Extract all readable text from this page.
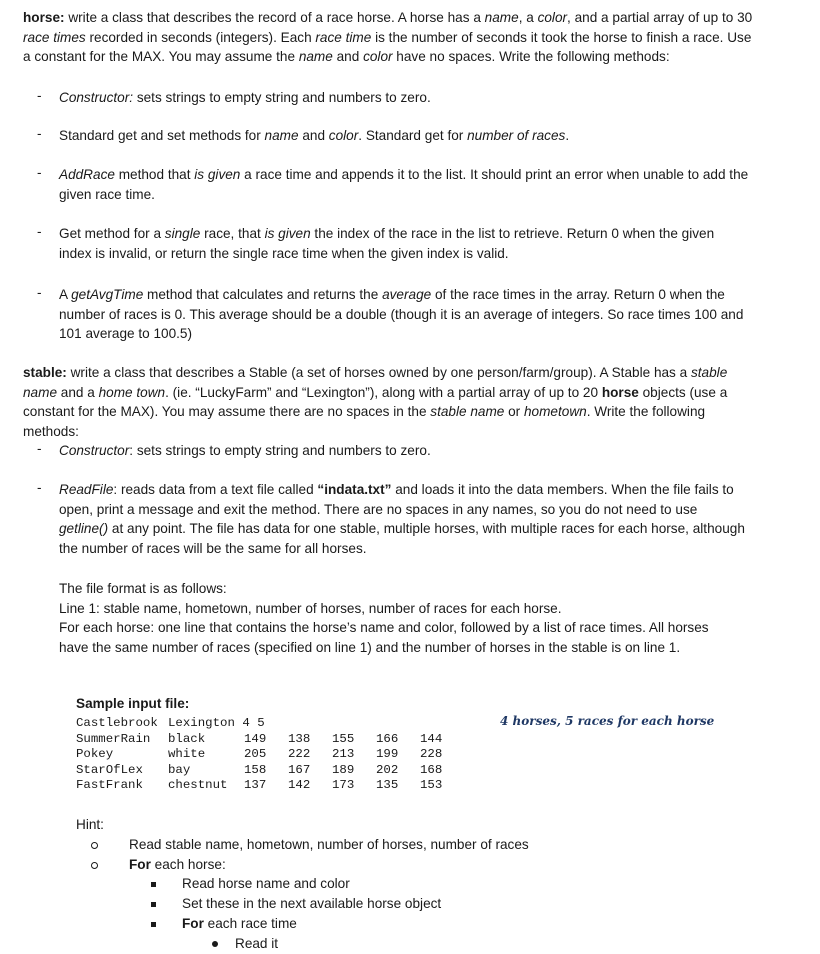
horse: write a class that describes the record of a race horse. A horse has a name, a color, and a partial array of up to 30 race times recorded in seconds (integers). Each race time is the number of seconds it took the horse to finish a race. Use a constant for the MAX. You may assume the name and color have no spaces. Write the following methods:

- Constructor: sets strings to empty string and numbers to zero.

- Standard get and set methods for name and color. Standard get for number of races.

- AddRace method that is given a race time and appends it to the list. It should print an error when unable to add the given race time.

- Get method for a single race, that is given the index of the race in the list to retrieve. Return 0 when the given index is invalid, or return the single race time when the given index is valid.

- A getAvgTime method that calculates and returns the average of the race times in the array. Return 0 when the number of races is 0. This average should be a double (though it is an average of integers. So race times 100 and 101 average to 100.5)

stable: write a class that describes a Stable (a set of horses owned by one person/farm/group). A Stable has a stable name and a home town. (ie. “LuckyFarm” and “Lexington”), along with a partial array of up to 20 horse objects (use a constant for the MAX). You may assume there are no spaces in the stable name or hometown. Write the following methods:

- Constructor: sets strings to empty string and numbers to zero.

- ReadFile: reads data from a text file called “indata.txt” and loads it into the data members. When the file fails to open, print a message and exit the method. There are no spaces in any names, so you do not need to use getline() at any point. The file has data for one stable, multiple horses, with multiple races for each horse, although the number of races will be the same for all horses.

The file format is as follows:

Line 1: stable name, hometown, number of horses, number of races for each horse.

For each horse: one line that contains the horse’s name and color, followed by a list of race times. All horses have the same number of races (specified on line 1) and the number of horses in the stable is on line 1.

Sample input file:
Castlebrook	Lexington 4 5					
SummerRain	black	149	138	155	166	144
Pokey	white	205	222	213	199	228
StarOfLex	bay	158	167	189	202	168
FastFrank	chestnut	137	142	173	135	153
4 horses, 5 races for each horse
Hint:
Read stable name, hometown, number of horses, number of races
For each horse:
Read horse name and color
Set these in the next available horse object
For each race time
Read it
